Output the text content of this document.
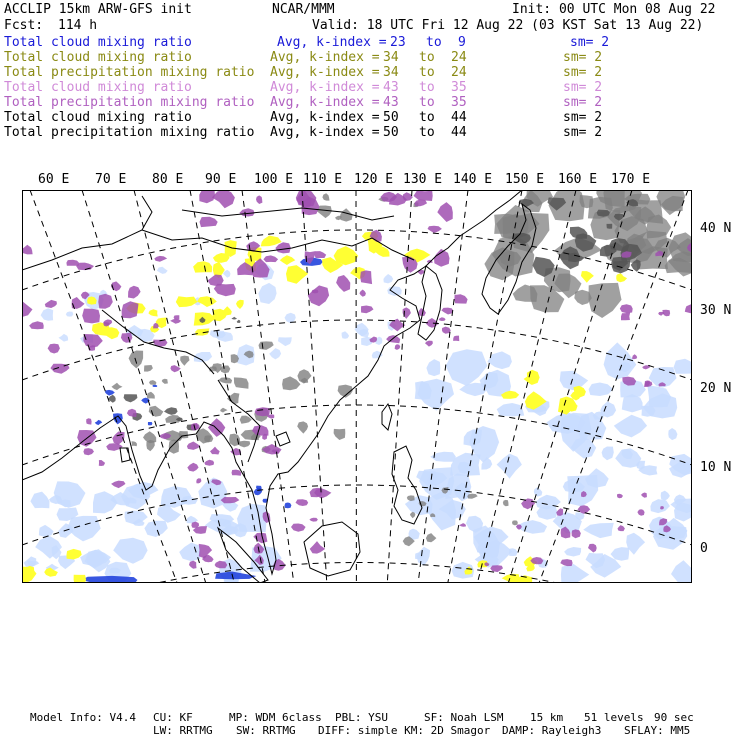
ACCLIP 15km ARW-GFS init	NCAR/MMM	Init: 00 UTC Mon 08 Aug 22
Fcst: 114 h	Valid: 18 UTC Fri 12 Aug 22 (03 KST Sat 13 Aug 22)
Total cloud mixing ratio	Avg, k-index = 23 to 9	sm= 2
Total cloud mixing ratio	Avg, k-index = 34 to 24	sm= 2
Total precipitation mixing ratio Avg, k-index = 34 to 24	sm= 2
Total cloud mixing ratio	Avg, k-index = 43 to 35	sm= 2
Total precipitation mixing ratio Avg, k-index = 43 to 35	sm= 2
Total cloud mixing ratio	Avg, k-index = 50 to 44	sm= 2
Total precipitation mixing ratio Avg, k-index = 50 to 44	sm= 2
60 E 70 E 80 E 90 E 100 E 110 E 120 E 130 E 140 E 150 E 160 E 170 E
40 N
30 N
20 N
10 N
0
Model Info: V4.4 CU: KF	MP: WDM 6class PBL: YSU	SF: Noah LSM 15 km 51 levels 90 sec
LW: RRTMG SW: RRTMG DIFF: simple KM: 2D Smagor DAMP: Rayleigh3 SFLAY: MM5
